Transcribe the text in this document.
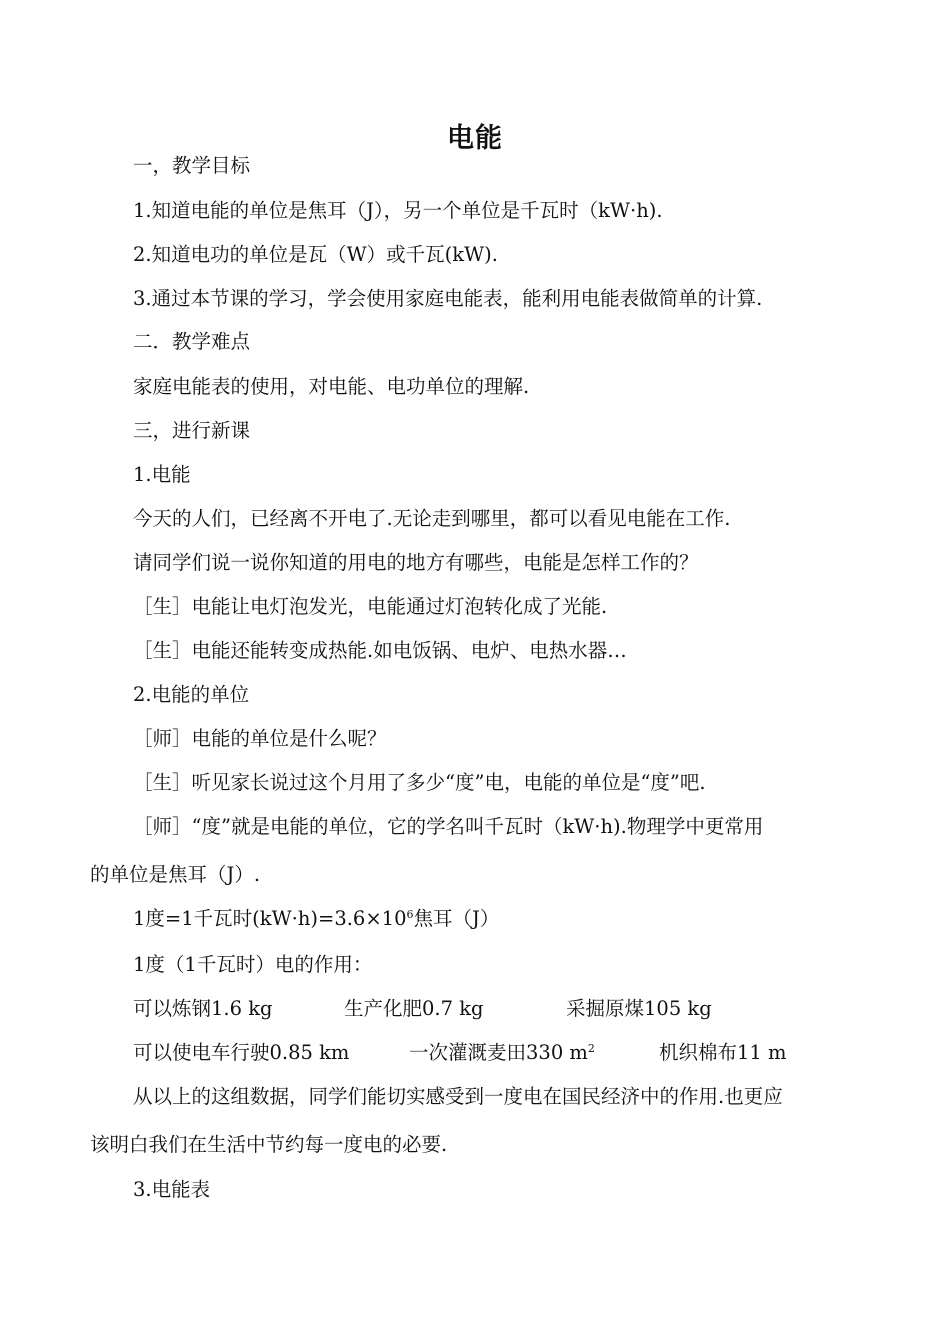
电能
一，教学目标
1.知道电能的单位是焦耳（J），另一个单位是千瓦时（kW·h).
2.知道电功的单位是瓦（W）或千瓦(kW).
3.通过本节课的学习，学会使用家庭电能表，能利用电能表做简单的计算.
二．教学难点
家庭电能表的使用，对电能、电功单位的理解.
三，进行新课
1.电能
今天的人们，已经离不开电了.无论走到哪里，都可以看见电能在工作.
请同学们说一说你知道的用电的地方有哪些，电能是怎样工作的？
［生］电能让电灯泡发光，电能通过灯泡转化成了光能.
［生］电能还能转变成热能.如电饭锅、电炉、电热水器…
2.电能的单位
［师］电能的单位是什么呢？
［生］听见家长说过这个月用了多少“度”电，电能的单位是“度”吧.
［师］“度”就是电能的单位，它的学名叫千瓦时（kW·h).物理学中更常用
的单位是焦耳（J）.
1度=1千瓦时$(kW\cdot h)=3.6\times 10^6$焦耳（J）
1度（1千瓦时）电的作用：
可以炼钢1.6 kg	生产化肥0.7 kg	采掘原煤105 kg
可以使电车行驶0.85 km	一次灌溉麦田330 $m^2$	机织棉布11 m
从以上的这组数据，同学们能切实感受到一度电在国民经济中的作用.也更应
该明白我们在生活中节约每一度电的必要.
3.电能表
